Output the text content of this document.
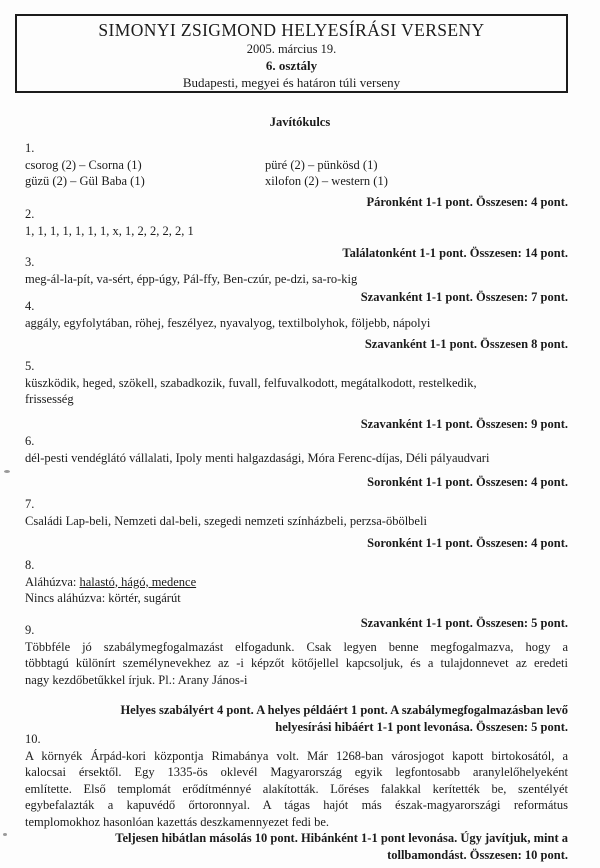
SIMONYI ZSIGMOND HELYESÍRÁSI VERSENY
2005. március 19.
6. osztály
Budapesti, megyei és határon túli verseny
Javítókulcs
1.
csorog (2) – Csorna (1)	püré (2) – pünkösd (1)
güzü (2) – Gül Baba (1)	xilofon (2) – western (1)
Páronként 1-1 pont. Összesen: 4 pont.
2.
1, 1, 1, 1, 1, 1, 1, x, 1, 2, 2, 2, 2, 1
Találatonként 1-1 pont. Összesen: 14 pont.
3.
meg-ál-la-pít, va-sért, épp-úgy, Pál-ffy, Ben-czúr, pe-dzi, sa-ro-kig
Szavanként 1-1 pont. Összesen: 7 pont.
4.
aggály, egyfolytában, röhej, feszélyez, nyavalyog, textilbolyhok, följebb, nápolyi
Szavanként 1-1 pont. Összesen 8 pont.
5.
küszködik, heged, szökell, szabadkozik, fuvall, felfuvalkodott, megátalkodott, restelkedik,
frissesség
Szavanként 1-1 pont. Összesen: 9 pont.
6.
dél-pesti vendéglátó vállalati, Ipoly menti halgazdasági, Móra Ferenc-díjas, Déli pályaudvari
Soronként 1-1 pont. Összesen: 4 pont.
7.
Családi Lap-beli, Nemzeti dal-beli, szegedi nemzeti színházbeli, perzsa-öbölbeli
Soronként 1-1 pont. Összesen: 4 pont.
8.
Aláhúzva: halastó, hágó, medence
Nincs aláhúzva: körtér, sugárút
Szavanként 1-1 pont. Összesen: 5 pont.
9.
Többféle jó szabálymegfogalmazást elfogadunk. Csak legyen benne megfogalmazva, hogy a
többtagú különírt személynevekhez az -i képzőt kötőjellel kapcsoljuk, és a tulajdonnevet az eredeti
nagy kezdőbetűkkel írjuk. Pl.: Arany János-i
Helyes szabályért 4 pont. A helyes példáért 1 pont. A szabálymegfogalmazásban levő
helyesírási hibáért 1-1 pont levonása. Összesen: 5 pont.
10.
A környék Árpád-kori központja Rimabánya volt. Már 1268-ban városjogot kapott birtokosától, a
kalocsai érsektől. Egy 1335-ös oklevél Magyarország egyik legfontosabb aranylelőhelyeként
említette. Első templomát erődítménnyé alakították. Lőréses falakkal kerítették be, szentélyét
egybefalazták a kapuvédő őrtoronnyal. A tágas hajót más észak-magyarországi református
templomokhoz hasonlóan kazettás deszkamennyezet fedi be.
Teljesen hibátlan másolás 10 pont. Hibánként 1-1 pont levonása. Úgy javítjuk, mint a
tollbamondást. Összesen: 10 pont.
